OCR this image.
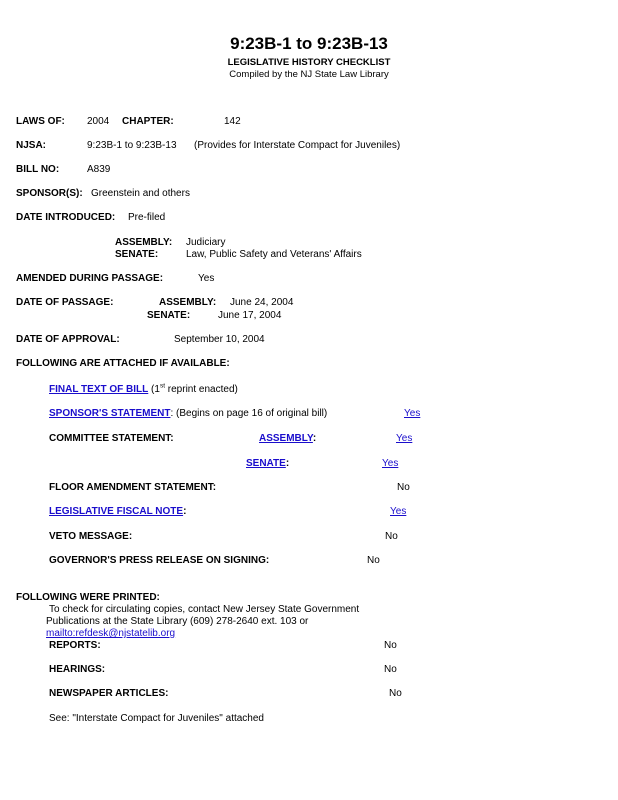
9:23B-1 to 9:23B-13
LEGISLATIVE HISTORY CHECKLIST
Compiled by the NJ State Law Library
LAWS OF: 2004 CHAPTER:	142
NJSA:	9:23B-1 to 9:23B-13 (Provides for Interstate Compact for Juveniles)
BILL NO:	A839
SPONSOR(S): Greenstein and others
DATE INTRODUCED: Pre-filed
ASSEMBLY: Judiciary
SENATE:	Law, Public Safety and Veterans' Affairs
AMENDED DURING PASSAGE:	Yes
DATE OF PASSAGE:	ASSEMBLY: June 24, 2004
SENATE:	June 17, 2004
DATE OF APPROVAL:	September 10, 2004
FOLLOWING ARE ATTACHED IF AVAILABLE:
FINAL TEXT OF BILL (1st reprint enacted)
SPONSOR'S STATEMENT: (Begins on page 16 of original bill)	Yes
COMMITTEE STATEMENT:	ASSEMBLY:	Yes
SENATE:	Yes
FLOOR AMENDMENT STATEMENT:	No
LEGISLATIVE FISCAL NOTE:	Yes
VETO MESSAGE:	No
GOVERNOR'S PRESS RELEASE ON SIGNING:	No
FOLLOWING WERE PRINTED:
To check for circulating copies, contact New Jersey State Government
Publications at the State Library (609) 278-2640 ext. 103 or
mailto:refdesk@njstatelib.org
REPORTS:	No
HEARINGS:	No
NEWSPAPER ARTICLES:	No
See: "Interstate Compact for Juveniles" attached
